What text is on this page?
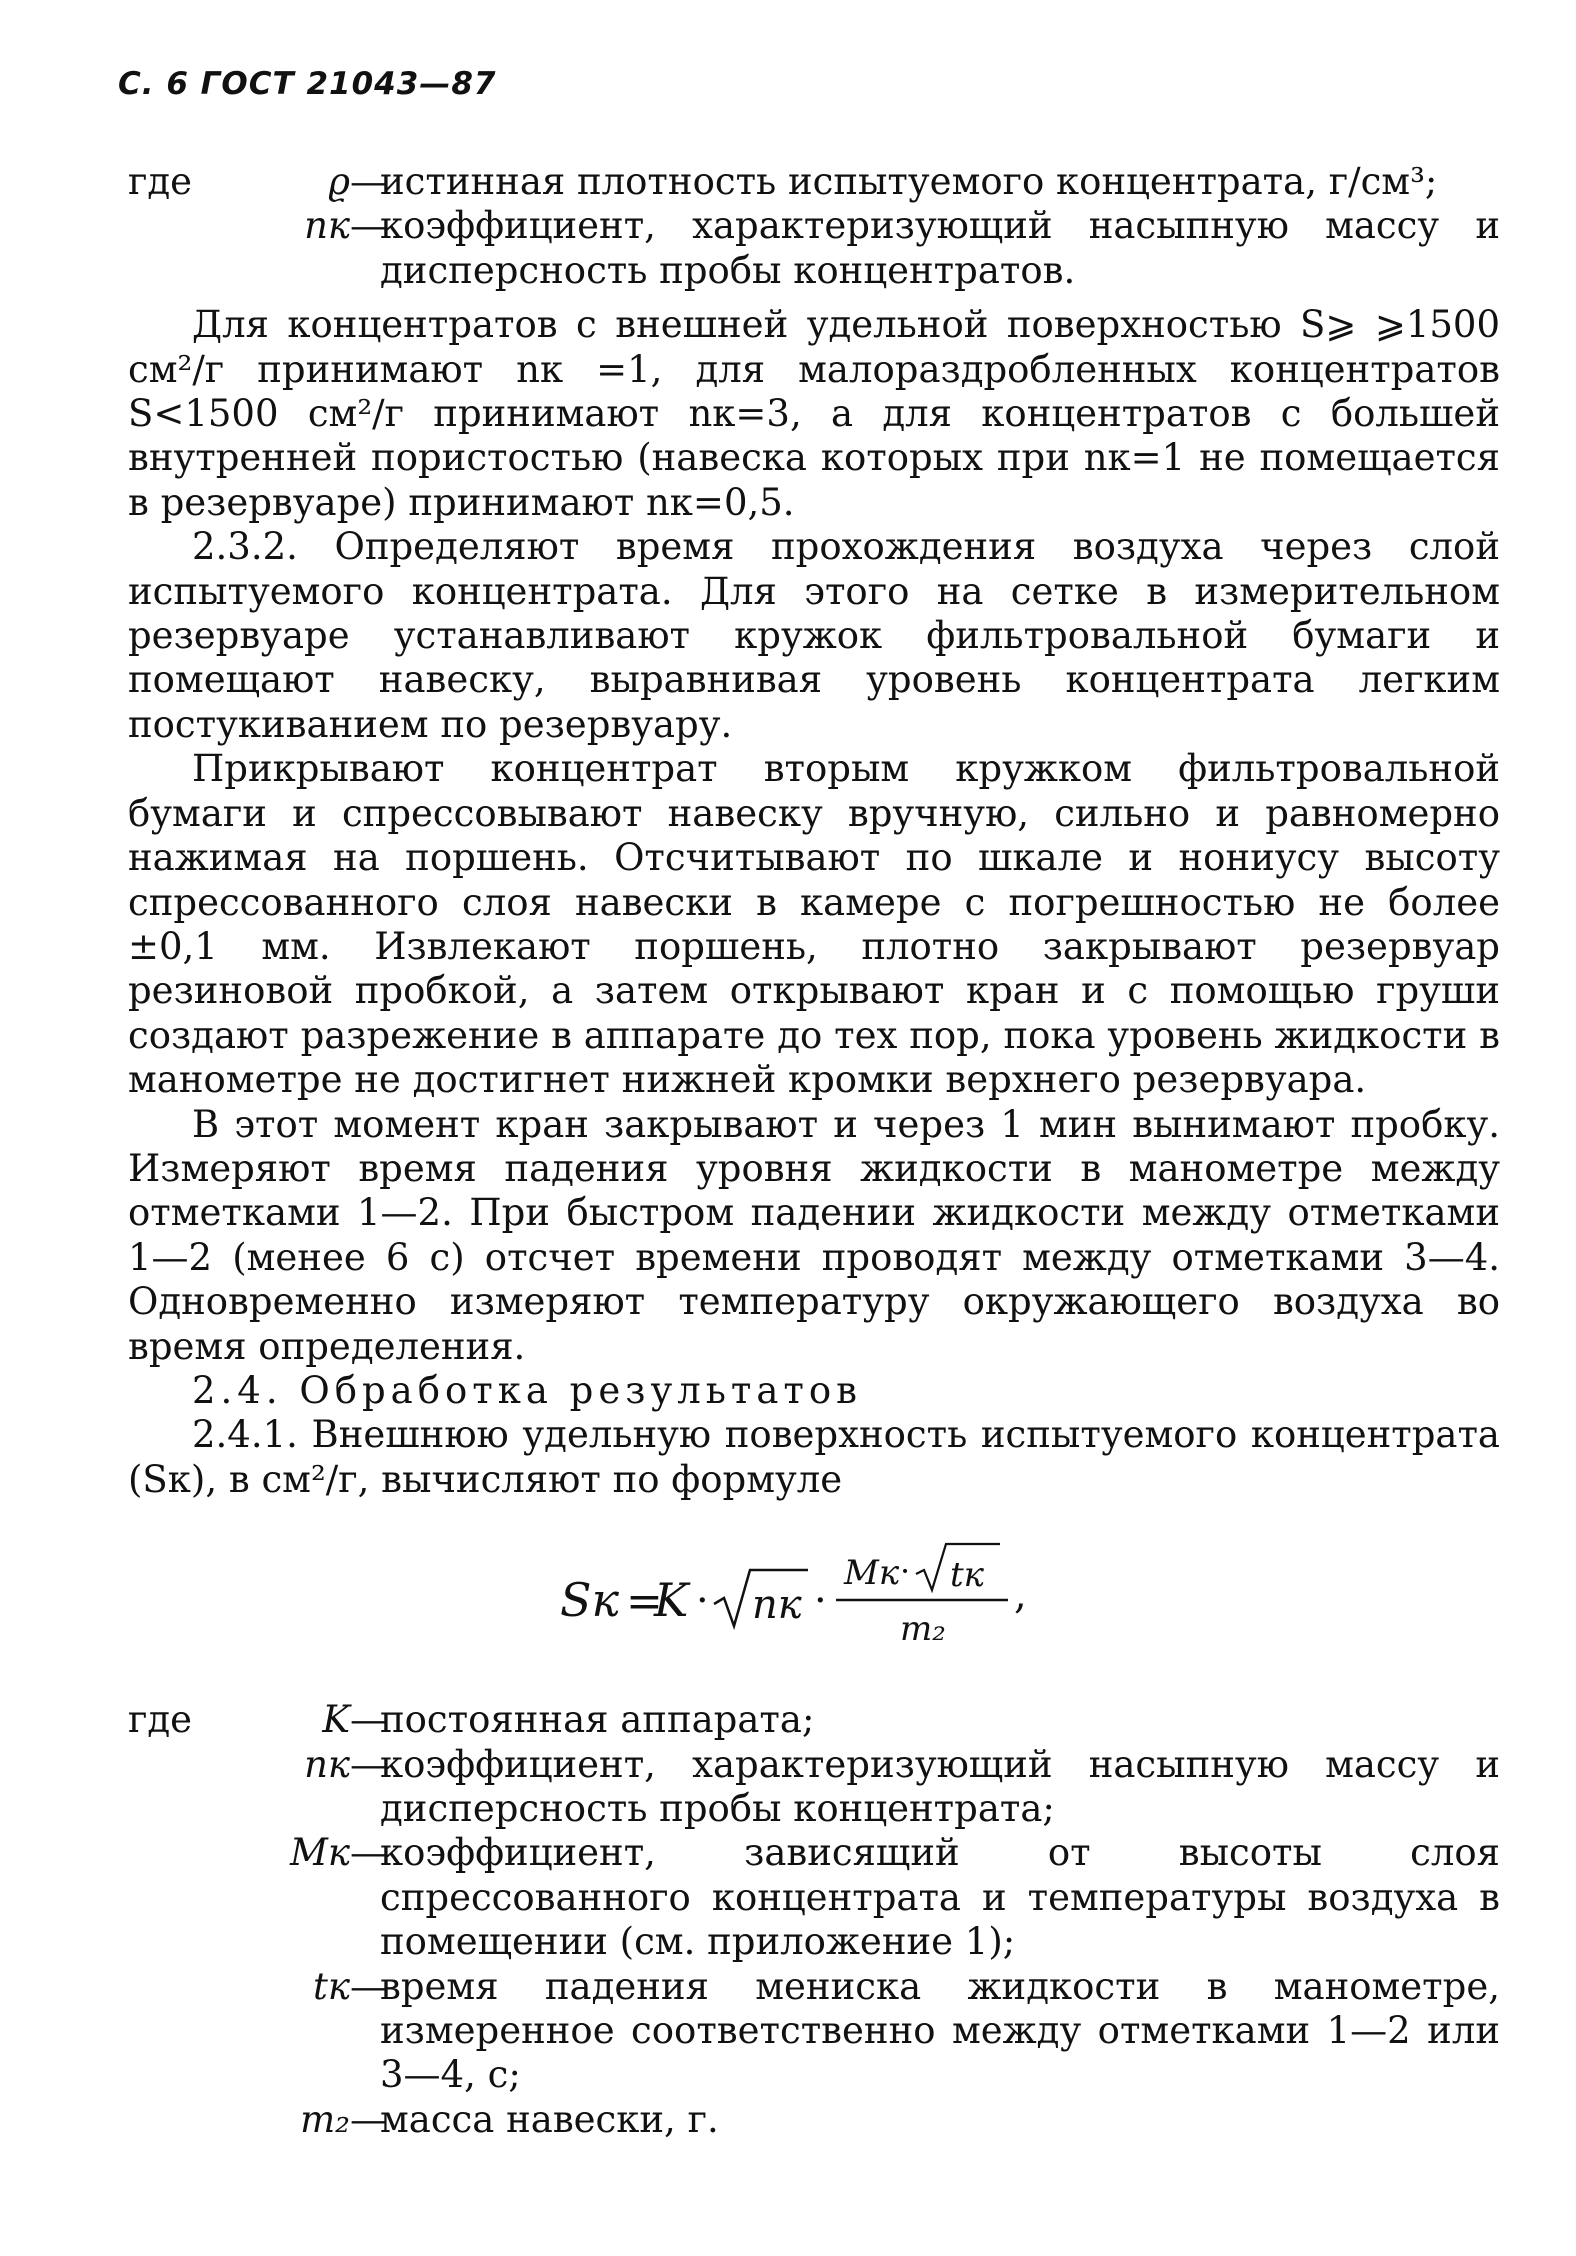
С. 6 ГОСТ 21043—87
где	ϱ —
истинная плотность испытуемого концентрата, г/см³;
nк —
коэффициент, характеризующий насыпную массу и дисперсность пробы концентратов.

Для концентратов с внешней удельной поверхностью S⩾ ⩾1500 см²/г принимают nк =1, для малораздробленных концентратов S<1500 см²/г принимают nк=3, а для концентратов с большей внутренней пористостью (навеска которых при nк=1 не помещается в резервуаре) принимают nк=0,5.

2.3.2. Определяют время прохождения воздуха через слой испытуемого концентрата. Для этого на сетке в измерительном резервуаре устанавливают кружок фильтровальной бумаги и помещают навеску, выравнивая уровень концентрата легким постукиванием по резервуару.

Прикрывают концентрат вторым кружком фильтровальной бумаги и спрессовывают навеску вручную, сильно и равномерно нажимая на поршень. Отсчитывают по шкале и нониусу высоту спрессованного слоя навески в камере с погрешностью не более ±0,1 мм. Извлекают поршень, плотно закрывают резервуар резиновой пробкой, а затем открывают кран и с помощью груши создают разрежение в аппарате до тех пор, пока уровень жидкости в манометре не достигнет нижней кромки верхнего резервуара.

В этот момент кран закрывают и через 1 мин вынимают пробку. Измеряют время падения уровня жидкости в манометре между отметками 1—2. При быстром падении жидкости между отметками 1—2 (менее 6 с) отсчет времени проводят между отметками 3—4. Одновременно измеряют температуру окружающего воздуха во время определения.

2.4. Обработка результатов

2.4.1. Внешнюю удельную поверхность испытуемого концентрата (Sк), в см²/г, вычисляют по формуле

Sк =
K · nк ·
Mк · tк
m₂
,
где	K —
постоянная аппарата;
nк —
коэффициент, характеризующий насыпную массу и дисперсность пробы концентрата;
Mк —
коэффициент, зависящий от высоты слоя спрессованного концентрата и температуры воздуха в помещении (см. приложение 1);
tк —
время падения мениска жидкости в манометре, измеренное соответственно между отметками 1—2 или 3—4, с;
m₂ —
масса навески, г.
